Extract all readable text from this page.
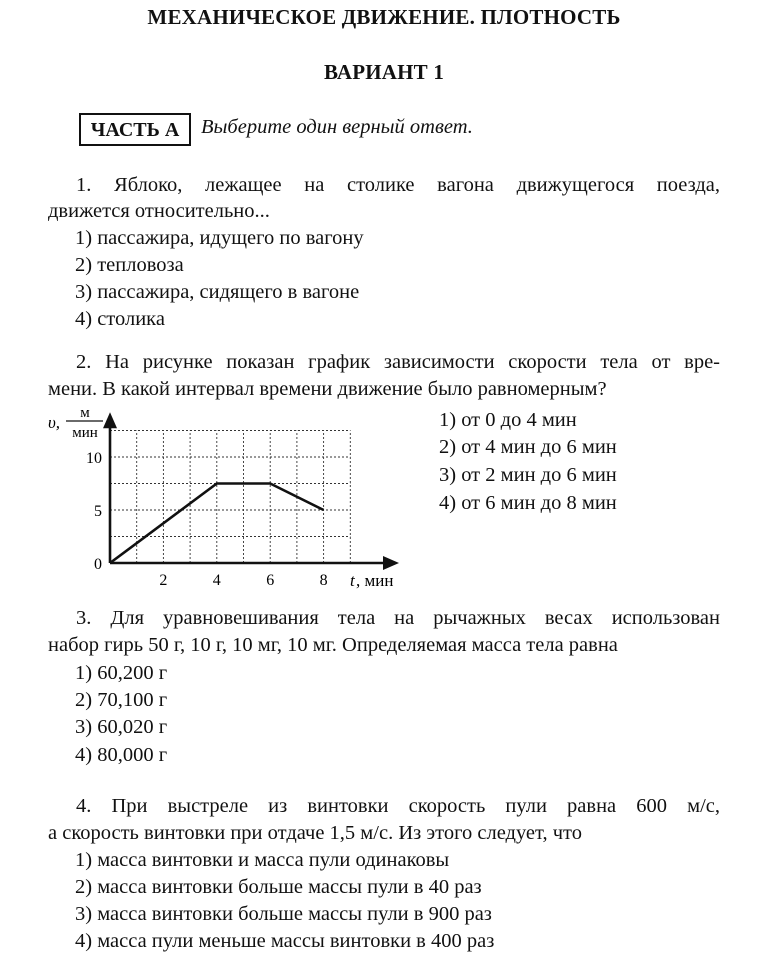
МЕХАНИЧЕСКОЕ ДВИЖЕНИЕ. ПЛОТНОСТЬ
ВАРИАНТ 1
ЧАСТЬ А	Выберите один верный ответ.
1. Яблоко, лежащее на столике вагона движущегося поезда,
движется относительно...
1) пассажира, идущего по вагону
2) тепловоза
3) пассажира, сидящего в вагоне
4) столика
2. На рисунке показан график зависимости скорости тела от вре-
мени. В какой интервал времени движение было равномерным?
1) от 0 до 4 мин
2) от 4 мин до 6 мин
3) от 2 мин до 6 мин
4) от 6 мин до 8 мин
υ, м
мин
t , мин
2	4	6	8
0
5
10
3. Для уравновешивания тела на рычажных весах использован
набор гирь 50 г, 10 г, 10 мг, 10 мг. Определяемая масса тела равна
1) 60,200 г
2) 70,100 г
3) 60,020 г
4) 80,000 г
4. При выстреле из винтовки скорость пули равна 600 м/с,
а скорость винтовки при отдаче 1,5 м/с. Из этого следует, что
1) масса винтовки и масса пули одинаковы
2) масса винтовки больше массы пули в 40 раз
3) масса винтовки больше массы пули в 900 раз
4) масса пули меньше массы винтовки в 400 раз
